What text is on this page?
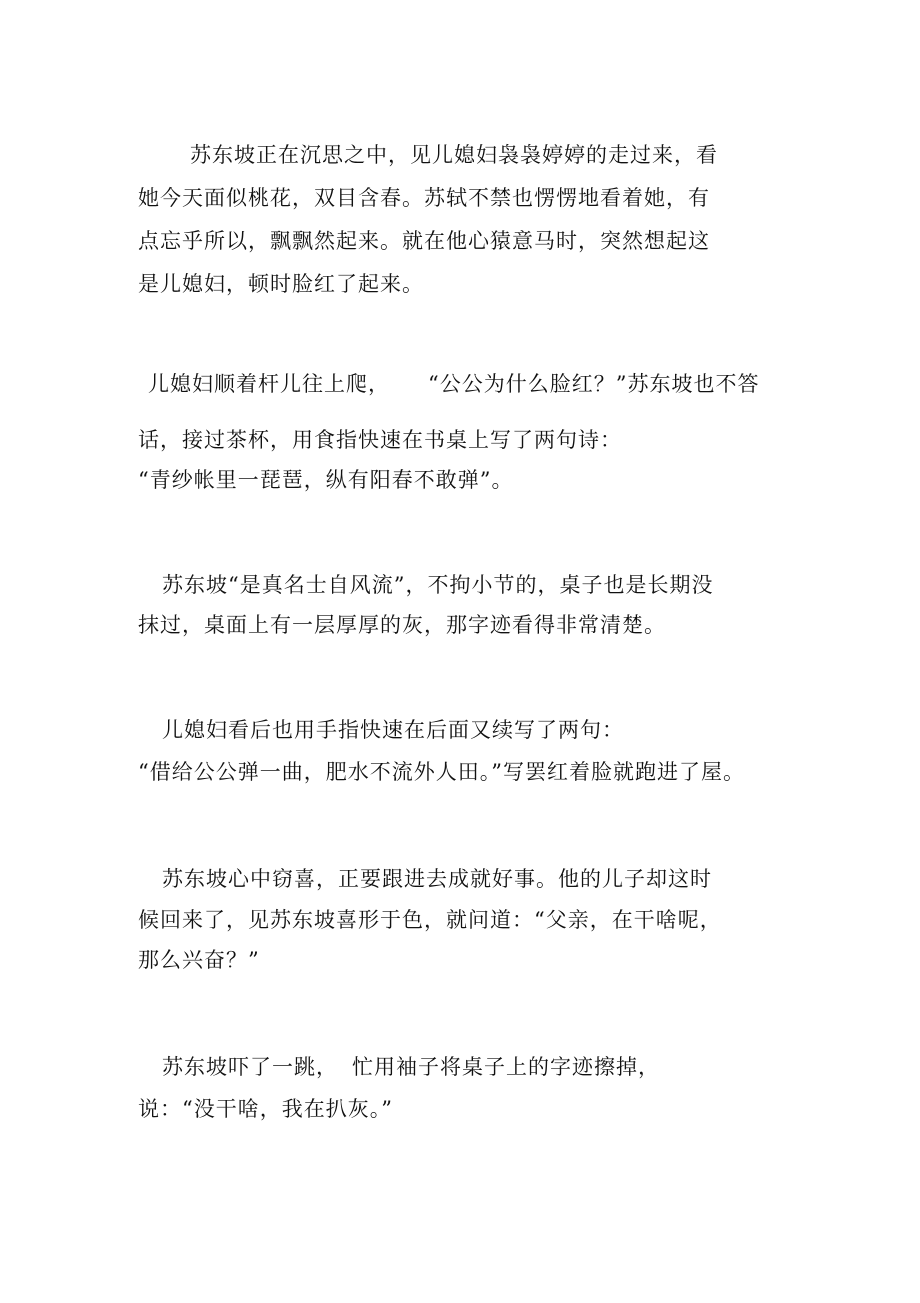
苏东坡正在沉思之中，见儿媳妇袅袅婷婷的走过来，看
她今天面似桃花，双目含春。苏轼不禁也愣愣地看着她，有
点忘乎所以，飘飘然起来。就在他心猿意马时，突然想起这
是儿媳妇，顿时脸红了起来。
儿媳妇顺着杆儿往上爬， “公公为什么脸红？”苏东坡也不答
话，接过茶杯，用食指快速在书桌上写了两句诗：
“青纱帐里一琵琶，纵有阳春不敢弹”。
苏东坡“是真名士自风流”，不拘小节的，桌子也是长期没
抹过，桌面上有一层厚厚的灰，那字迹看得非常清楚。
儿媳妇看后也用手指快速在后面又续写了两句：
“借给公公弹一曲，肥水不流外人田。”写罢红着脸就跑进了屋。
苏东坡心中窃喜，正要跟进去成就好事。他的儿子却这时
候回来了，见苏东坡喜形于色，就问道：“父亲，在干啥呢，
那么兴奋？”
苏东坡吓了一跳， 忙用袖子将桌子上的字迹擦掉，
说：“没干啥，我在扒灰。”
